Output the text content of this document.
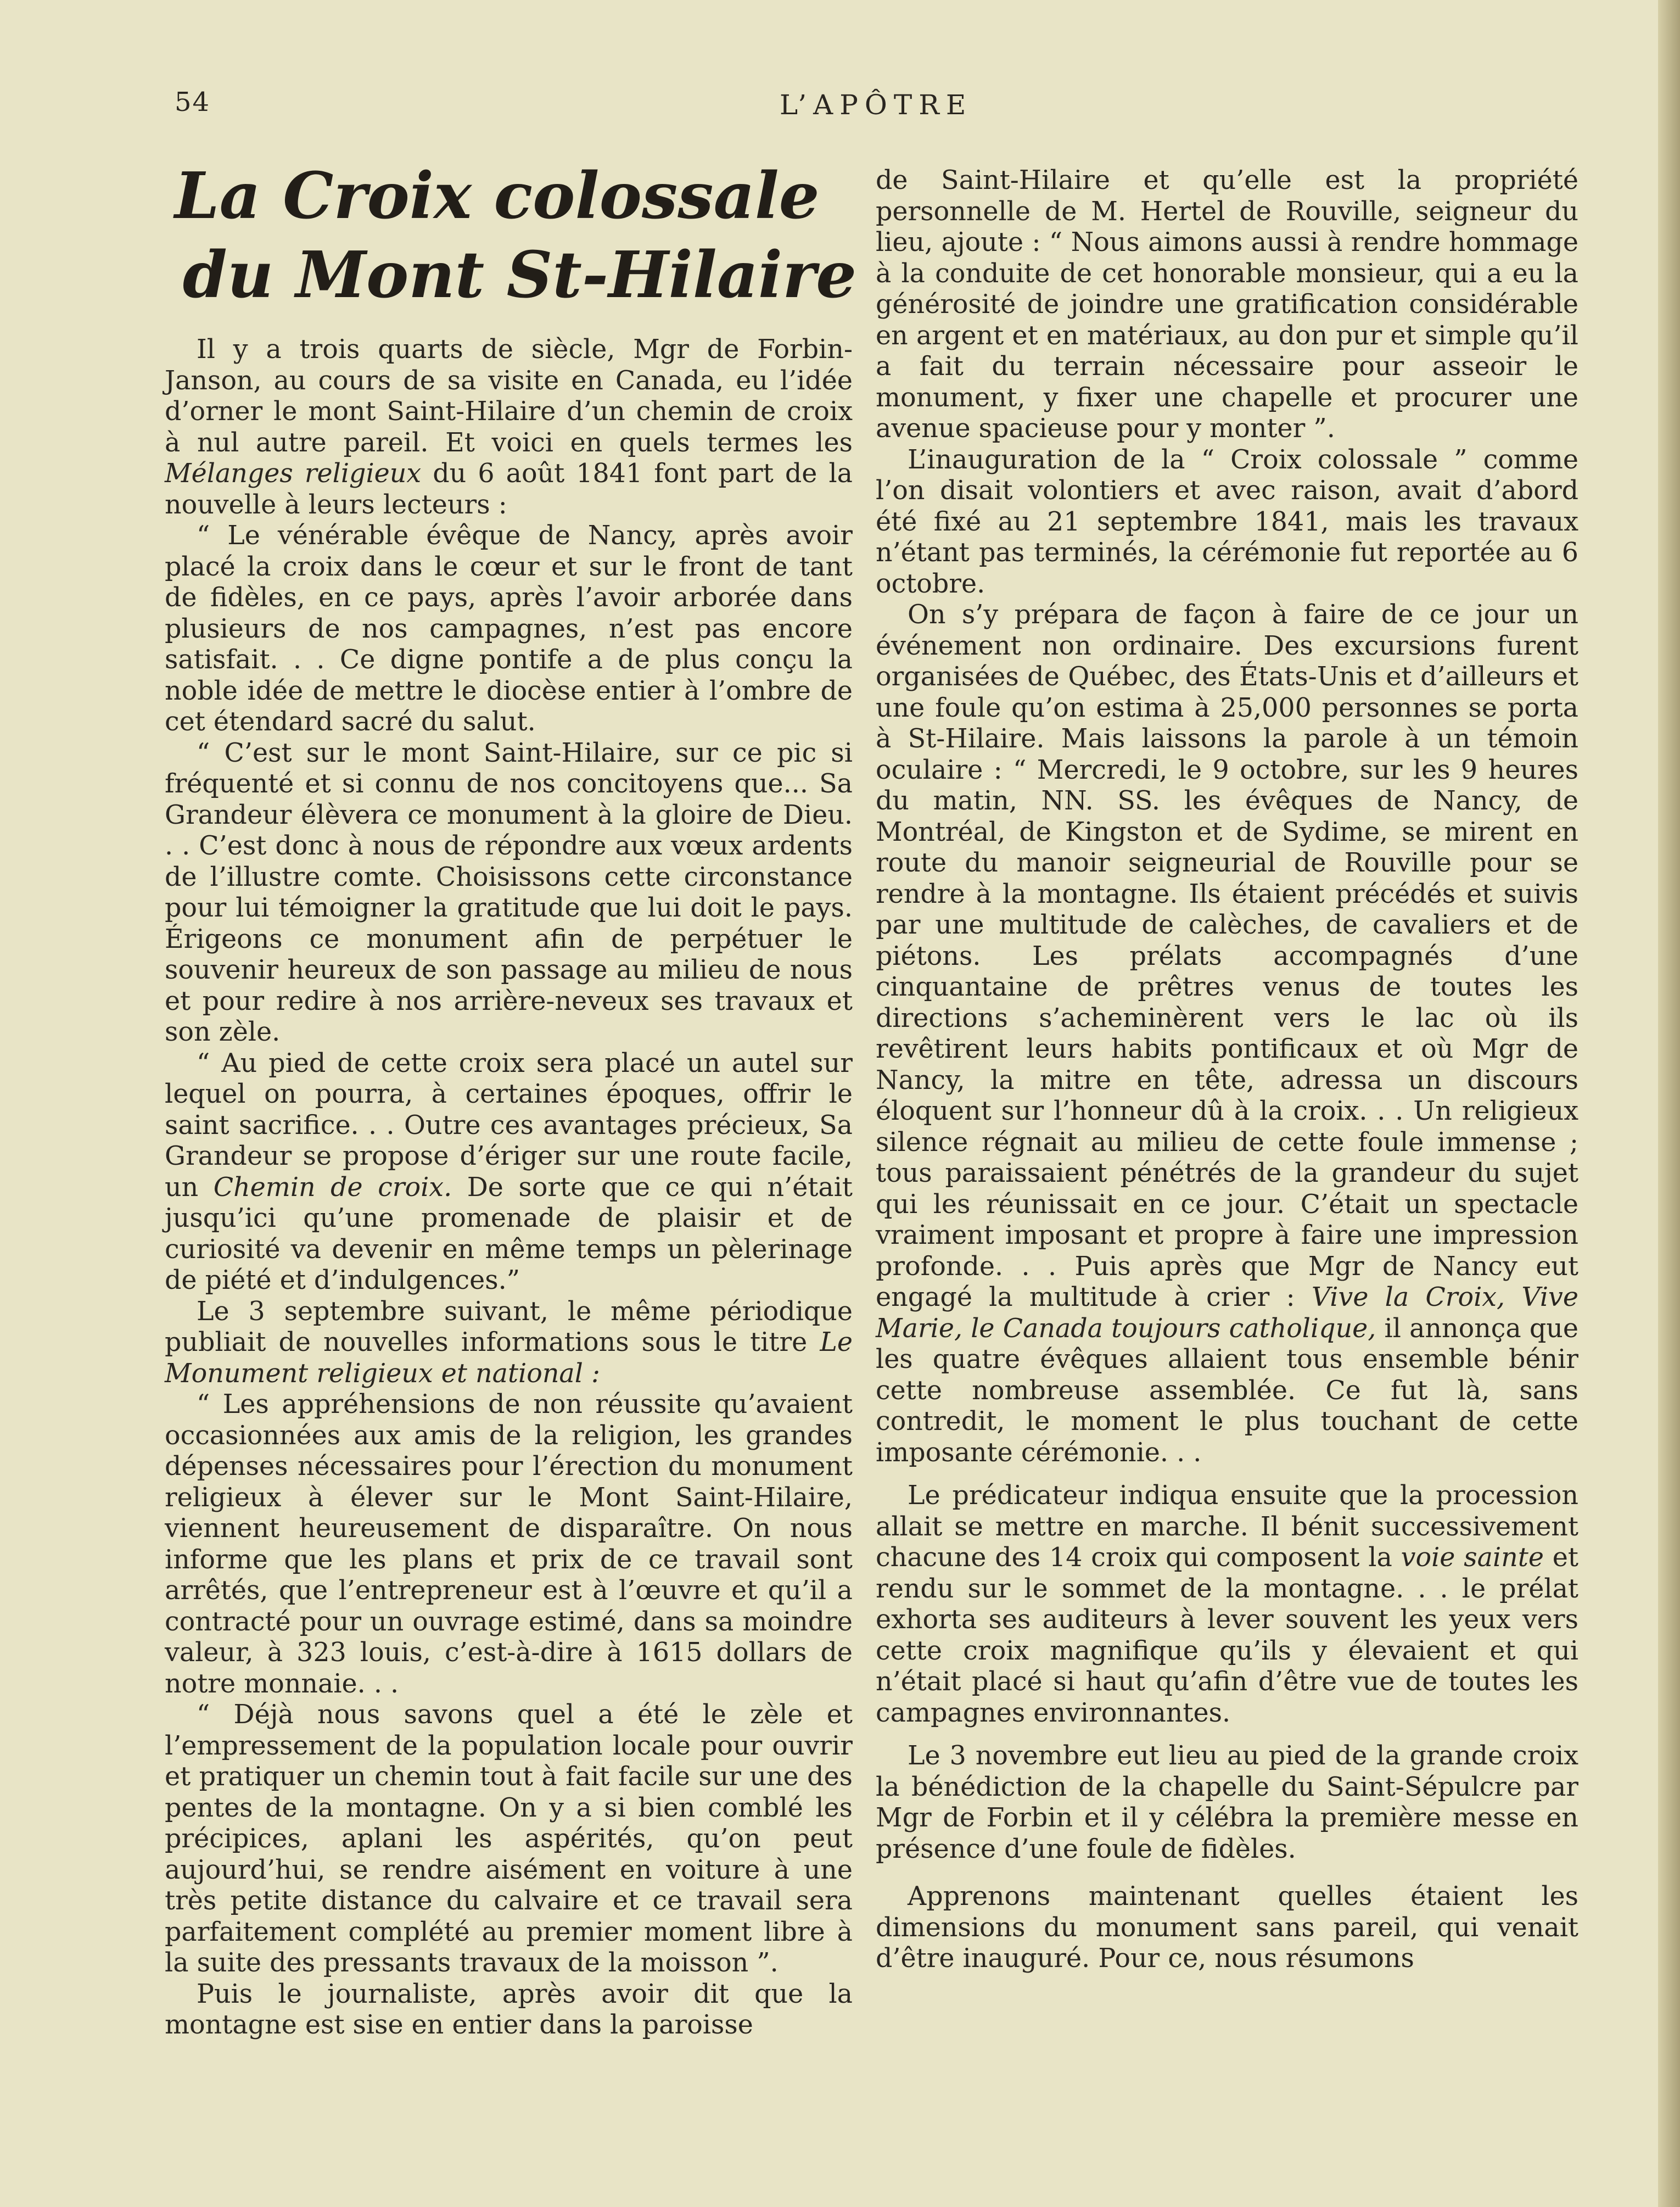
54	L’APÔTRE
La Croix colossale
du Mont St-Hilaire

Il y a trois quarts de siècle, Mgr de Forbin-Janson, au cours de sa visite en Canada, eu l’idée d’orner le mont Saint-Hilaire d’un chemin de croix à nul autre pareil. Et voici en quels termes les Mélanges religieux du 6 août 1841 font part de la nouvelle à leurs lecteurs :

“ Le vénérable évêque de Nancy, après avoir placé la croix dans le cœur et sur le front de tant de fidèles, en ce pays, après l’avoir arborée dans plusieurs de nos campagnes, n’est pas encore satisfait. . . Ce digne pontife a de plus conçu la noble idée de mettre le diocèse entier à l’ombre de cet étendard sacré du salut.

“ C’est sur le mont Saint-Hilaire, sur ce pic si fréquenté et si connu de nos concitoyens que... Sa Grandeur élèvera ce monument à la gloire de Dieu. . . C’est donc à nous de répondre aux vœux ardents de l’illustre comte. Choisissons cette circonstance pour lui témoigner la gratitude que lui doit le pays. Érigeons ce monument afin de perpétuer le souvenir heureux de son passage au milieu de nous et pour redire à nos arrière-neveux ses travaux et son zèle.

“ Au pied de cette croix sera placé un autel sur lequel on pourra, à certaines époques, offrir le saint sacrifice. . . Outre ces avantages précieux, Sa Grandeur se propose d’ériger sur une route facile, un Chemin de croix. De sorte que ce qui n’était jusqu’ici qu’une promenade de plaisir et de curiosité va devenir en même temps un pèlerinage de piété et d’indulgences.”

Le 3 septembre suivant, le même périodique publiait de nouvelles informations sous le titre Le Monument religieux et national :

“ Les appréhensions de non réussite qu’avaient occasionnées aux amis de la religion, les grandes dépenses nécessaires pour l’érection du monument religieux à élever sur le Mont Saint-Hilaire, viennent heureusement de disparaître. On nous informe que les plans et prix de ce travail sont arrêtés, que l’entrepreneur est à l’œuvre et qu’il a contracté pour un ouvrage estimé, dans sa moindre valeur, à 323 louis, c’est-à-dire à 1615 dollars de notre monnaie. . .

“ Déjà nous savons quel a été le zèle et l’empressement de la population locale pour ouvrir et pratiquer un chemin tout à fait facile sur une des pentes de la montagne. On y a si bien comblé les précipices, aplani les aspérités, qu’on peut aujourd’hui, se rendre aisément en voiture à une très petite distance du calvaire et ce travail sera parfaitement complété au premier moment libre à la suite des pressants travaux de la moisson ”.

Puis le journaliste, après avoir dit que la montagne est sise en entier dans la paroisse

de Saint-Hilaire et qu’elle est la propriété personnelle de M. Hertel de Rouville, seigneur du lieu, ajoute : “ Nous aimons aussi à rendre hommage à la conduite de cet honorable monsieur, qui a eu la générosité de joindre une gratification considérable en argent et en matériaux, au don pur et simple qu’il a fait du terrain nécessaire pour asseoir le monument, y fixer une chapelle et procurer une avenue spacieuse pour y monter ”.

L’inauguration de la “ Croix colossale ” comme l’on disait volontiers et avec raison, avait d’abord été fixé au 21 septembre 1841, mais les travaux n’étant pas terminés, la cérémonie fut reportée au 6 octobre.

On s’y prépara de façon à faire de ce jour un événement non ordinaire. Des excursions furent organisées de Québec, des États-Unis et d’ailleurs et une foule qu’on estima à 25,000 personnes se porta à St-Hilaire. Mais laissons la parole à un témoin oculaire : “ Mercredi, le 9 octobre, sur les 9 heures du matin, NN. SS. les évêques de Nancy, de Montréal, de Kingston et de Sydime, se mirent en route du manoir seigneurial de Rouville pour se rendre à la montagne. Ils étaient précédés et suivis par une multitude de calèches, de cavaliers et de piétons. Les prélats accompagnés d’une cinquantaine de prêtres venus de toutes les directions s’acheminèrent vers le lac où ils revêtirent leurs habits pontificaux et où Mgr de Nancy, la mitre en tête, adressa un discours éloquent sur l’honneur dû à la croix. . . Un religieux silence régnait au milieu de cette foule immense ; tous paraissaient pénétrés de la grandeur du sujet qui les réunissait en ce jour. C’était un spectacle vraiment imposant et propre à faire une impression profonde. . . Puis après que Mgr de Nancy eut engagé la multitude à crier : Vive la Croix, Vive Marie, le Canada toujours catholique, il annonça que les quatre évêques allaient tous ensemble bénir cette nombreuse assemblée. Ce fut là, sans contredit, le moment le plus touchant de cette imposante cérémonie. . .

Le prédicateur indiqua ensuite que la procession allait se mettre en marche. Il bénit successivement chacune des 14 croix qui composent la voie sainte et rendu sur le sommet de la montagne. . . le prélat exhorta ses auditeurs à lever souvent les yeux vers cette croix magnifique qu’ils y élevaient et qui n’était placé si haut qu’afin d’être vue de toutes les campagnes environnantes.

Le 3 novembre eut lieu au pied de la grande croix la bénédiction de la chapelle du Saint-Sépulcre par Mgr de Forbin et il y célébra la première messe en présence d’une foule de fidèles.

Apprenons maintenant quelles étaient les dimensions du monument sans pareil, qui venait d’être inauguré. Pour ce, nous résumons
